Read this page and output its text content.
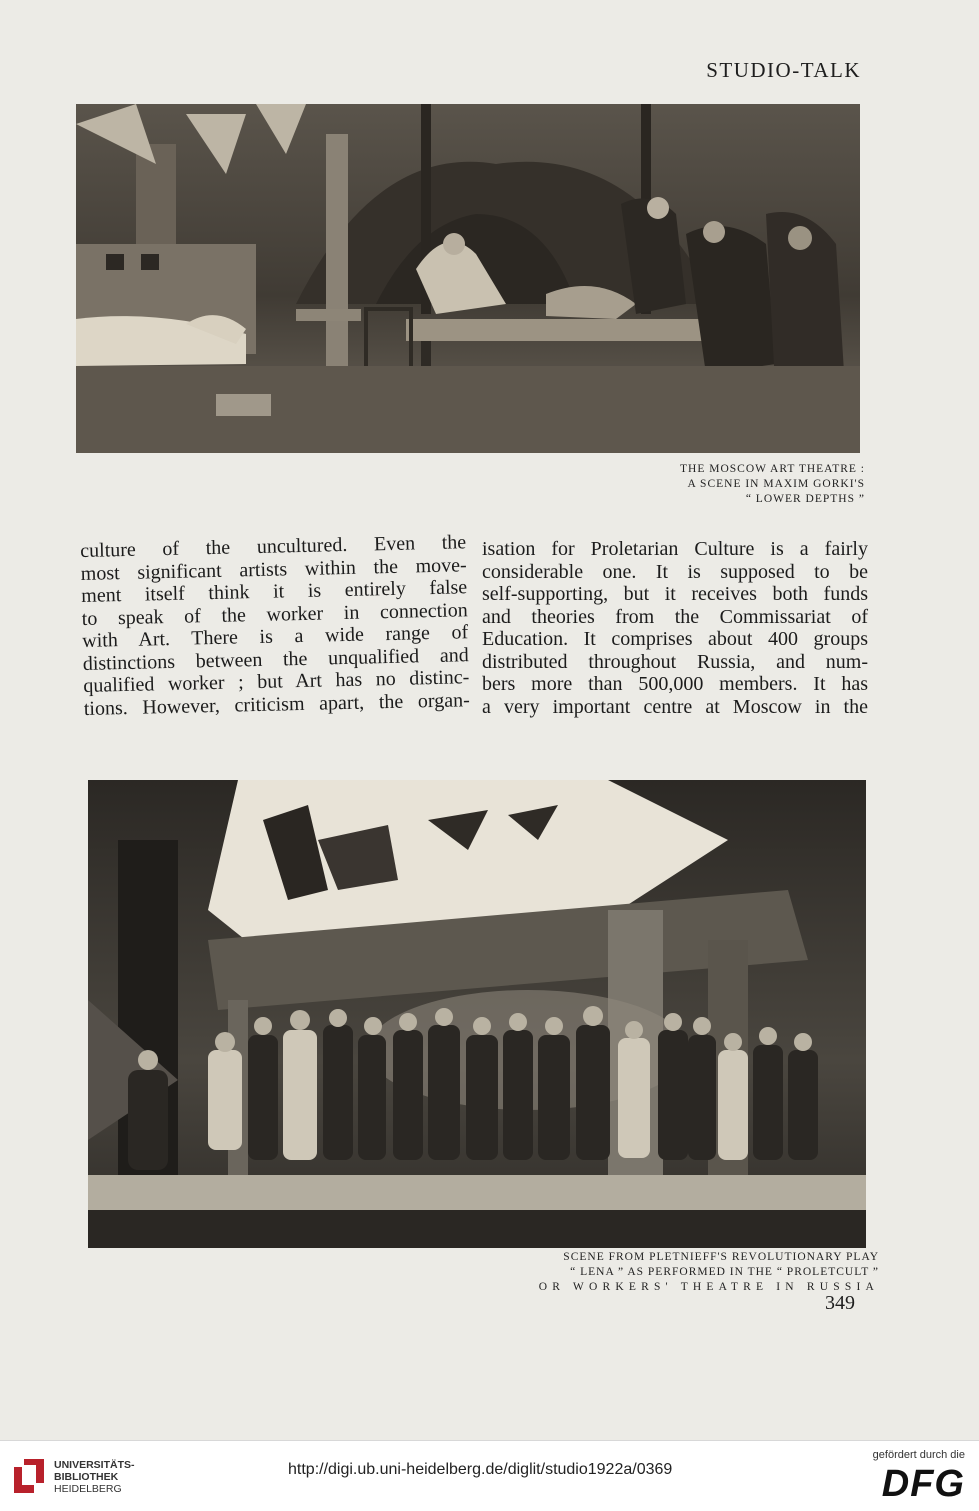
STUDIO-TALK
THE MOSCOW ART THEATRE :
A SCENE IN MAXIM GORKI'S
“ LOWER DEPTHS ”
culture of the uncultured. Even the
most significant artists within the move-
ment itself think it is entirely false
to speak of the worker in connection
with Art. There is a wide range of
distinctions between the unqualified and
qualified worker ; but Art has no distinc-
tions. However, criticism apart, the organ-
isation for Proletarian Culture is a fairly
considerable one. It is supposed to be
self-supporting, but it receives both funds
and theories from the Commissariat of
Education. It comprises about 400 groups
distributed throughout Russia, and num-
bers more than 500,000 members. It has
a very important centre at Moscow in the
SCENE FROM PLETNIEFF'S REVOLUTIONARY PLAY
“ LENA ” AS PERFORMED IN THE “ PROLETCULT ”
OR WORKERS' THEATRE IN RUSSIA
349
UNIVERSITÄTS-
BIBLIOTHEK
HEIDELBERG
http://digi.ub.uni-heidelberg.de/diglit/studio1922a/0369
gefördert durch die
DFG
